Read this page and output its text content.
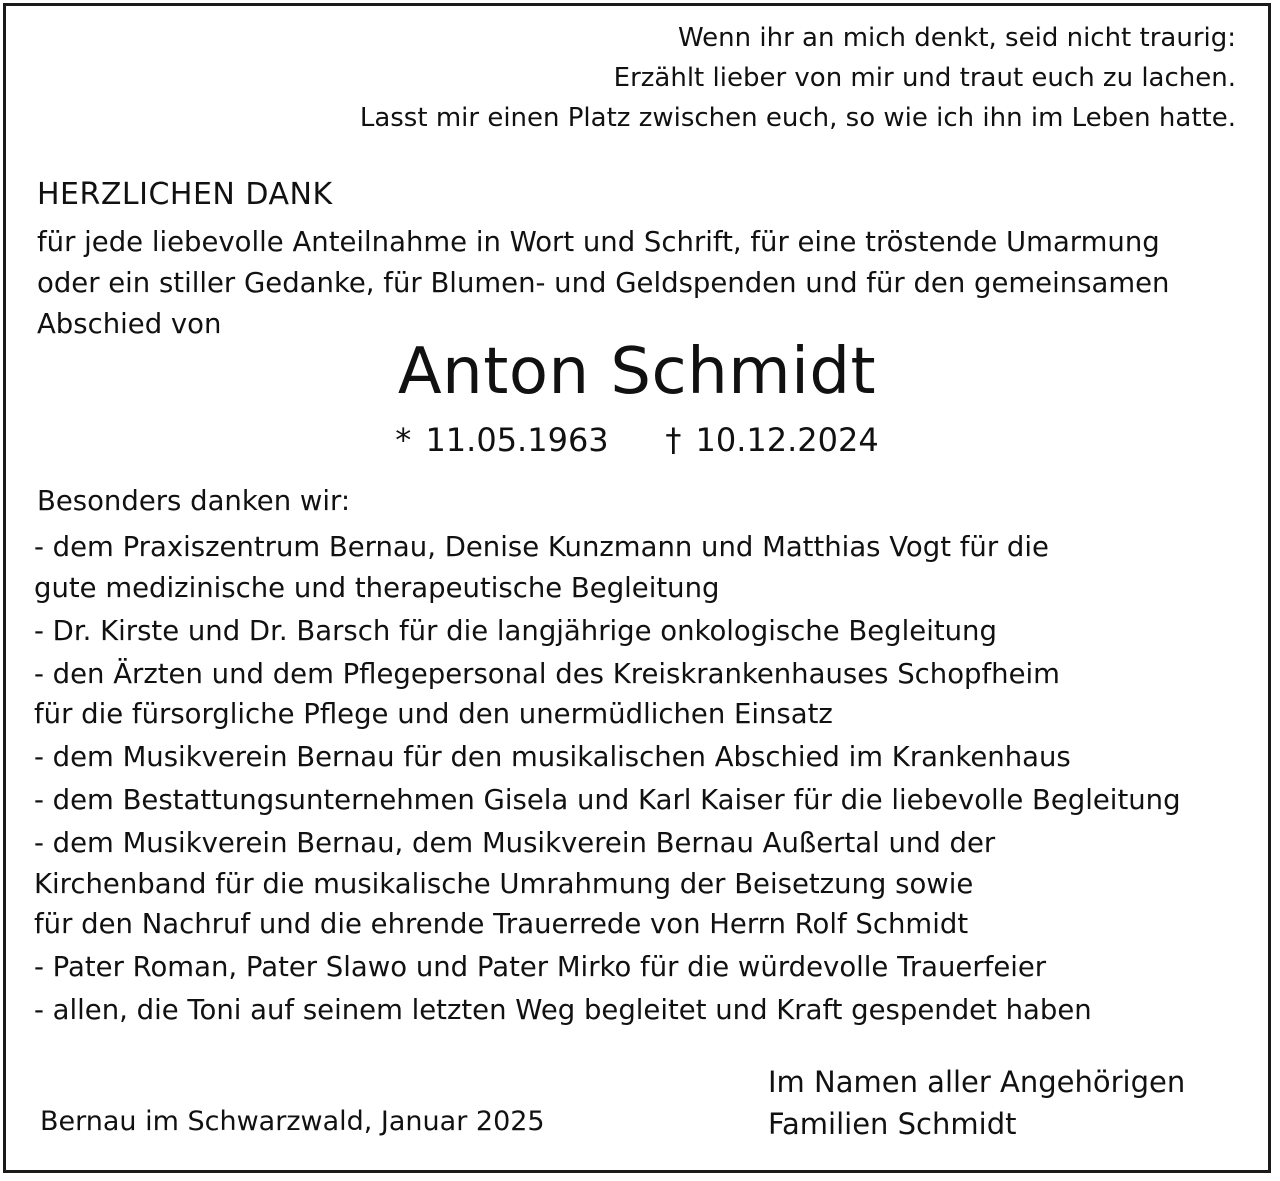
Wenn ihr an mich denkt, seid nicht traurig:
Erzählt lieber von mir und traut euch zu lachen.
Lasst mir einen Platz zwischen euch, so wie ich ihn im Leben hatte.
HERZLICHEN DANK
für jede liebevolle Anteilnahme in Wort und Schrift, für eine tröstende Umarmung
oder ein stiller Gedanke, für Blumen- und Geldspenden und für den gemeinsamen
Abschied von
Anton Schmidt
* 11.05.1963 † 10.12.2024
Besonders danken wir:
- dem Praxiszentrum Bernau, Denise Kunzmann und Matthias Vogt für die
gute medizinische und therapeutische Begleitung
- Dr. Kirste und Dr. Barsch für die langjährige onkologische Begleitung
- den Ärzten und dem Pflegepersonal des Kreiskrankenhauses Schopfheim
für die fürsorgliche Pflege und den unermüdlichen Einsatz
- dem Musikverein Bernau für den musikalischen Abschied im Krankenhaus
- dem Bestattungsunternehmen Gisela und Karl Kaiser für die liebevolle Begleitung
- dem Musikverein Bernau, dem Musikverein Bernau Außertal und der
Kirchenband für die musikalische Umrahmung der Beisetzung sowie
für den Nachruf und die ehrende Trauerrede von Herrn Rolf Schmidt
- Pater Roman, Pater Slawo und Pater Mirko für die würdevolle Trauerfeier
- allen, die Toni auf seinem letzten Weg begleitet und Kraft gespendet haben
Im Namen aller Angehörigen
Familien Schmidt
Bernau im Schwarzwald, Januar 2025
